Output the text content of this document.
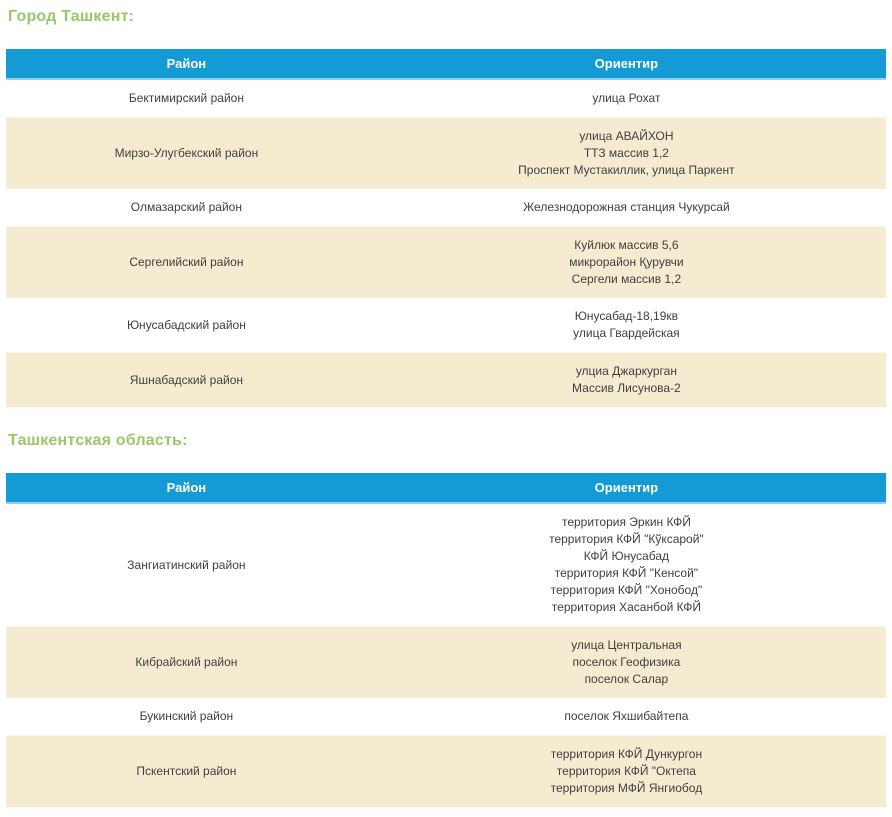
Город Ташкент:
Район	Ориентир
Бектимирский район	улица Рохат

Мирзо-Улугбекский район	улица АВАЙХОН
ТТЗ массив 1,2
Проспект Мустакиллик, улица Паркент

Олмазарский район	Железнодорожная станция Чукурсай

Сергелийский район	Куйлюк массив 5,6
микрорайон Қурувчи
Сергели массив 1,2

Юнусабадский район	Юнусабад-18,19кв
улица Гвардейская

Яшнабадский район	улциа Джаркурган
Массив Лисунова-2
Ташкентская область:
Район	Ориентир
Зангиатинский район	
территория Эркин КФЙ
территория КФЙ "Кўксарой"
КФЙ Юнусабад
территория КФЙ "Кенсой"
территория КФЙ "Хонобод"
территория Хасанбой КФЙ

Кибрайский район	улица Центральная
поселок Геофизика
поселок Салар

Букинский район	поселок Яхшибайтепа

Пскентский район	территория КФЙ Дункургон
территория КФЙ "Октепа
территория МФЙ Янгиобод
